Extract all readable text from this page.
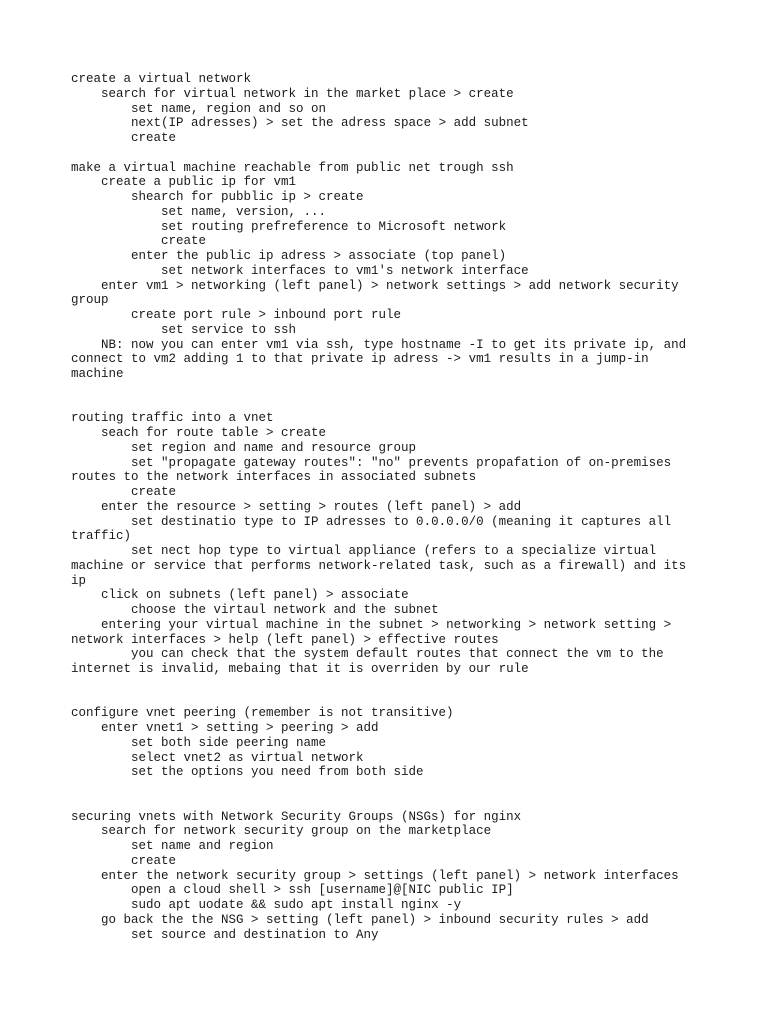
create a virtual network
search for virtual network in the market place > create
set name, region and so on
next(IP adresses) > set the adress space > add subnet
create
make a virtual machine reachable from public net trough ssh
create a public ip for vm1
shearch for pubblic ip > create
set name, version, ...
set routing prefreference to Microsoft network
create
enter the public ip adress > associate (top panel)
set network interfaces to vm1's network interface
enter vm1 > networking (left panel) > network settings > add network security group
create port rule > inbound port rule
set service to ssh
NB: now you can enter vm1 via ssh, type hostname -I to get its private ip, and connect to vm2 adding 1 to that private ip adress -> vm1 results in a jump-in machine
routing traffic into a vnet
seach for route table > create
set region and name and resource group
set "propagate gateway routes": "no" prevents propafation of on-premises routes to the network interfaces in associated subnets
create
enter the resource > setting > routes (left panel) > add
set destinatio type to IP adresses to 0.0.0.0/0 (meaning it captures all traffic)
set nect hop type to virtual appliance (refers to a specialize virtual machine or service that performs network-related task, such as a firewall) and its ip
click on subnets (left panel) > associate
choose the virtaul network and the subnet
entering your virtual machine in the subnet > networking > network setting > network interfaces > help (left panel) > effective routes
you can check that the system default routes that connect the vm to the internet is invalid, mebaing that it is overriden by our rule
configure vnet peering (remember is not transitive)
enter vnet1 > setting > peering > add
set both side peering name
select vnet2 as virtual network
set the options you need from both side
securing vnets with Network Security Groups (NSGs) for nginx
search for network security group on the marketplace
set name and region
create
enter the network security group > settings (left panel) > network interfaces
open a cloud shell > ssh [username]@[NIC public IP]
sudo apt uodate && sudo apt install nginx -y
go back the the NSG > setting (left panel) > inbound security rules > add
set source and destination to Any
